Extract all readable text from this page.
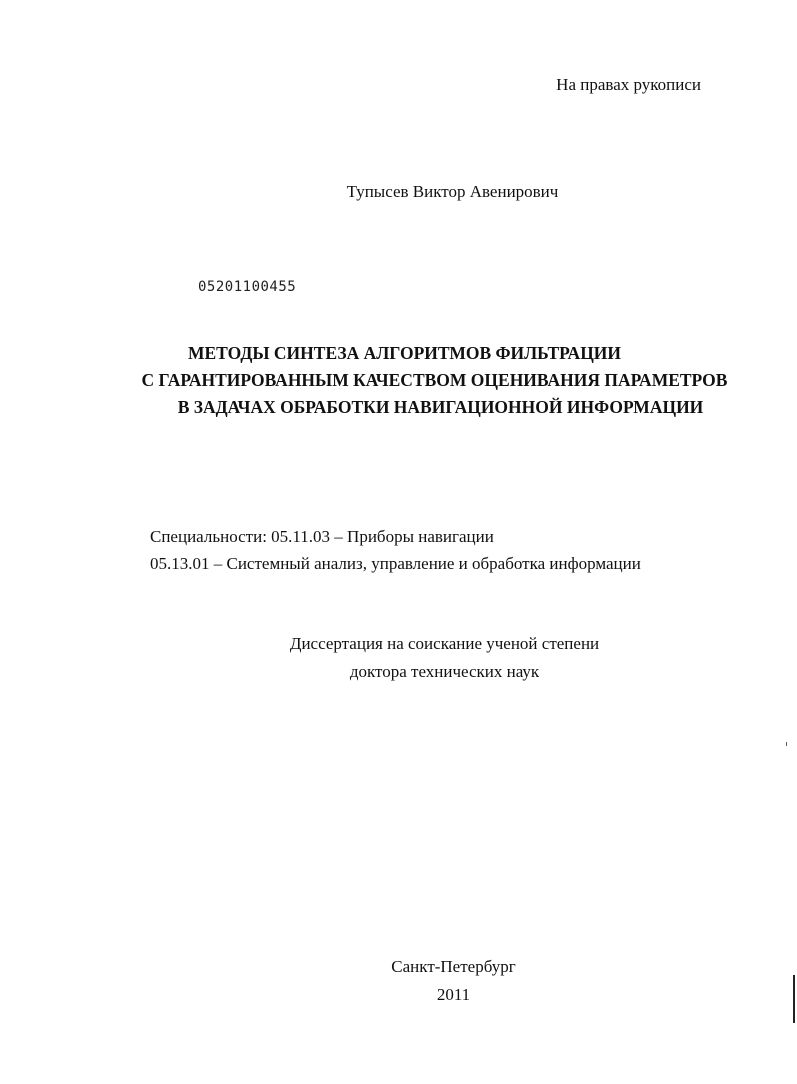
На правах рукописи
Тупысев Виктор Авенирович
05201100455
МЕТОДЫ СИНТЕЗА АЛГОРИТМОВ ФИЛЬТРАЦИИ
С ГАРАНТИРОВАННЫМ КАЧЕСТВОМ ОЦЕНИВАНИЯ ПАРАМЕТРОВ
В ЗАДАЧАХ ОБРАБОТКИ НАВИГАЦИОННОЙ ИНФОРМАЦИИ
Специальности: 05.11.03 – Приборы навигации
05.13.01 – Системный анализ, управление и обработка информации
Диссертация на соискание ученой степени
доктора технических наук
Санкт-Петербург
2011
